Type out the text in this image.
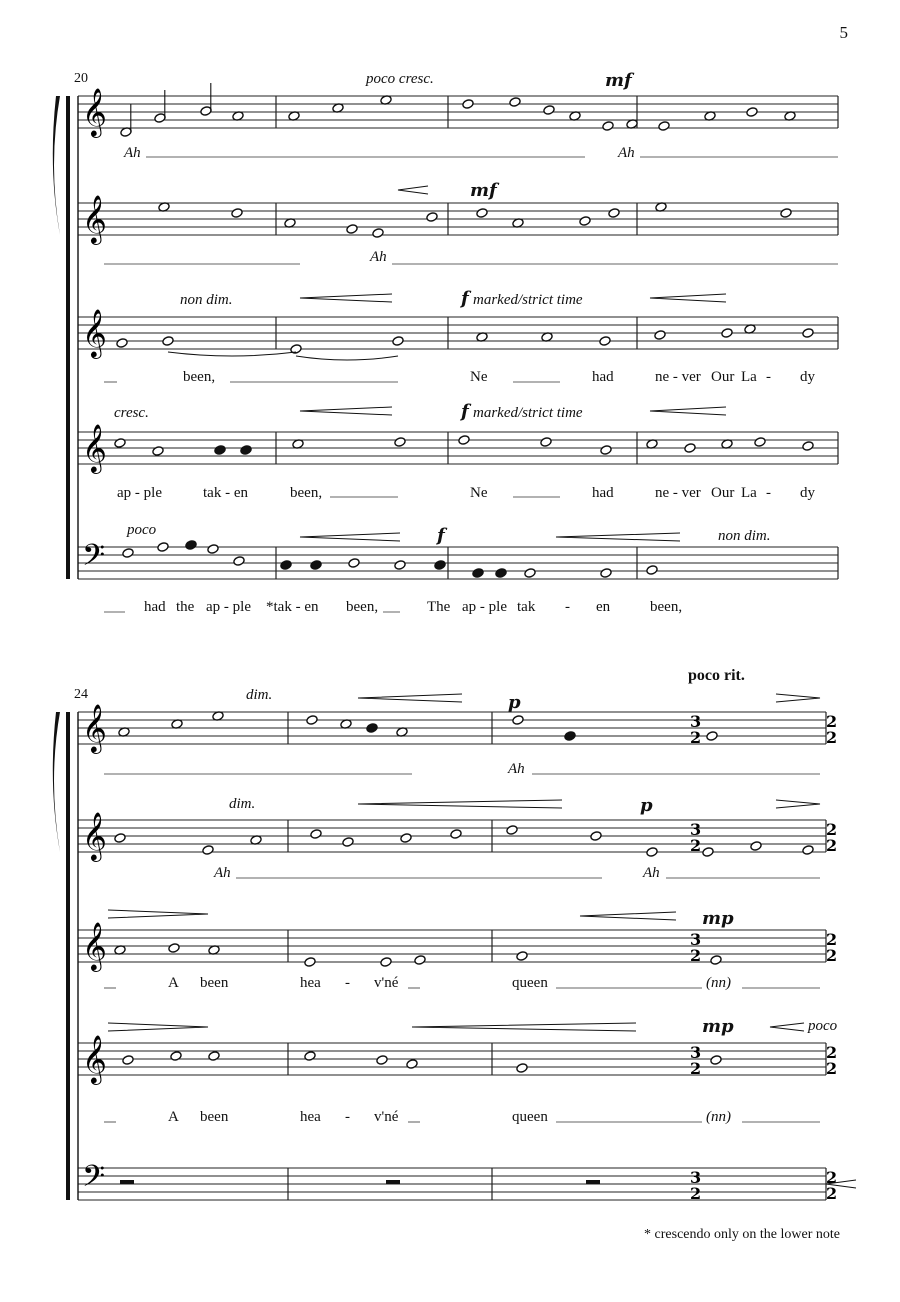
𝄞
𝄞
𝄞
𝄞
𝄢
𝄞
𝄞
𝄞
𝄞
𝄢
3
2
3
2
3
2
3
2
3
2
2
2
2
2
2
2
2
2
2
2
5
20	poco cresc.	mf
Ah	Ah
mf
Ah
non dim.	f marked/strict time
been,	Ne	had	ne - ver Our La - dy
cresc.	f marked/strict time
ap - ple	tak - en	been,	Ne	had	ne - ver Our La - dy
poco	f	non dim.
had the ap - ple *tak - en been,	The ap - ple tak - en	been,
24
poco rit.
dim.	p
Ah
dim.	p
Ah	Ah
mp
A been	hea - v'né	queen	(nn)
mp	poco
A been	hea - v'né	queen	(nn)
* crescendo only on the lower note
